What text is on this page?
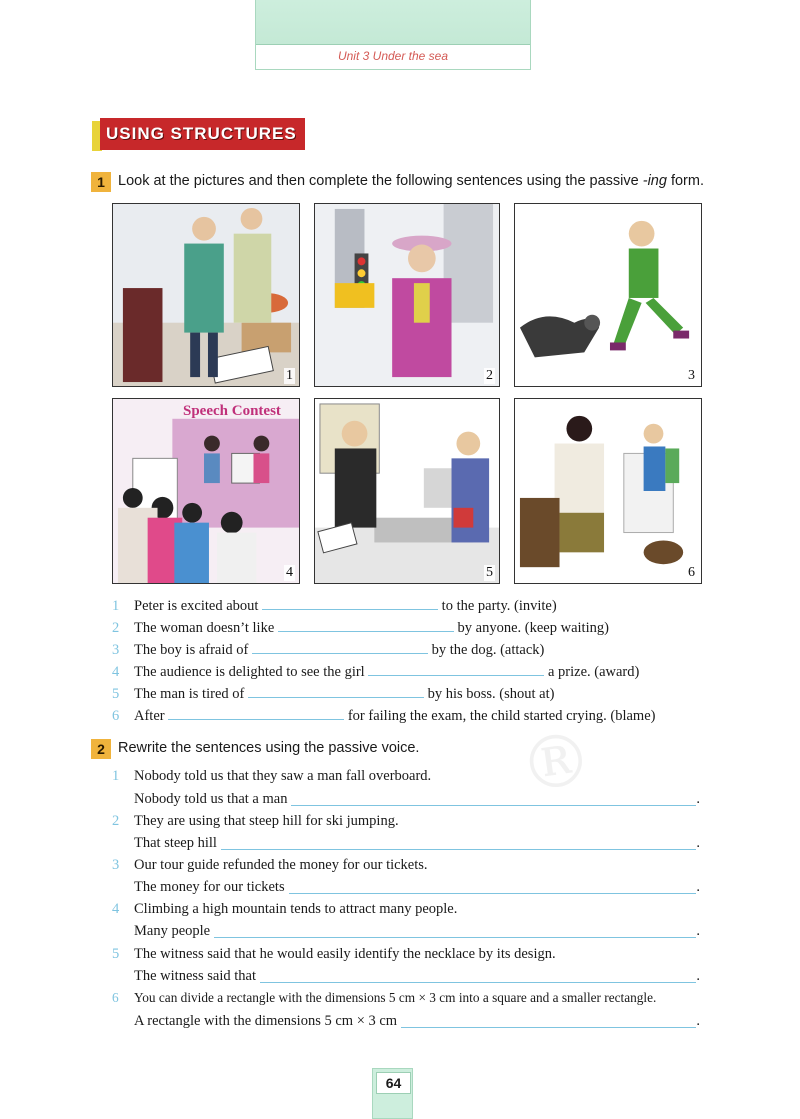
Unit 3 Under the sea
USING STRUCTURES
1 Look at the pictures and then complete the following sentences using the passive -ing form.
1	2	3
Speech Contest
4	5	6
1 Peter is excited about	to the party. (invite)
2 The woman doesn’t like	by anyone. (keep waiting)
3 The boy is afraid of	by the dog. (attack)
4 The audience is delighted to see the girl	a prize. (award)
5 The man is tired of	by his boss. (shout at)
6 After	for failing the exam, the child started crying. (blame)
®
2 Rewrite the sentences using the passive voice.
1 Nobody told us that they saw a man fall overboard.
Nobody told us that a man	.
2 They are using that steep hill for ski jumping.
That steep hill	.
3 Our tour guide refunded the money for our tickets.
The money for our tickets	.
4 Climbing a high mountain tends to attract many people.
Many people	.
5 The witness said that he would easily identify the necklace by its design.
The witness said that	.
6 You can divide a rectangle with the dimensions 5 cm × 3 cm into a square and a smaller rectangle.
A rectangle with the dimensions 5 cm × 3 cm	.
64
